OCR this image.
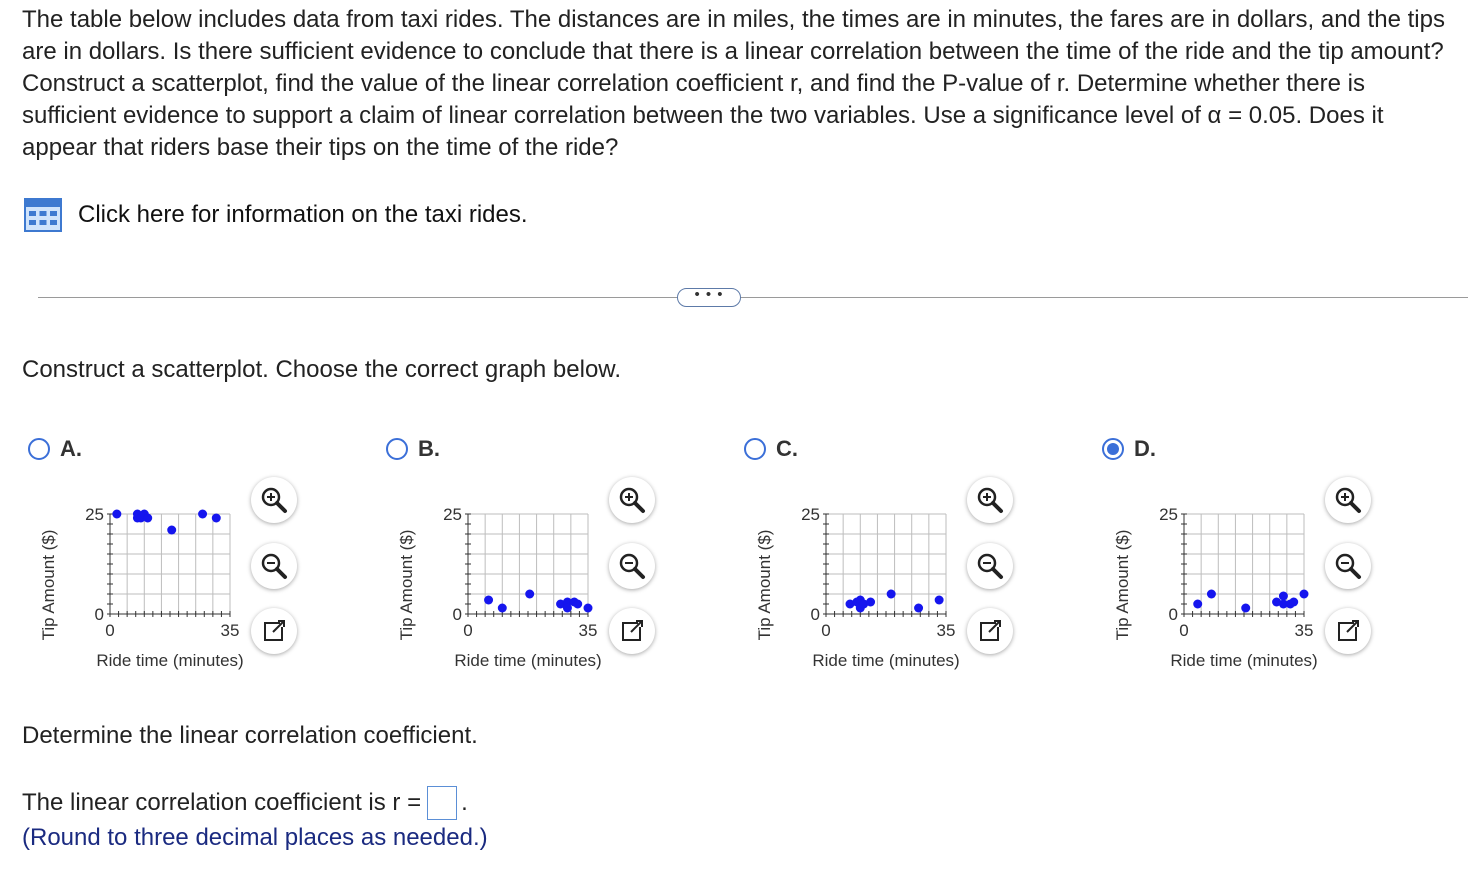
The table below includes data from taxi rides. The distances are in miles, the times are in minutes, the fares are in dollars, and the tips are in dollars. Is there sufficient evidence to conclude that there is a linear correlation between the time of the ride and the tip amount? Construct a scatterplot, find the value of the linear correlation coefficient r, and find the P-value of r. Determine whether there is sufficient evidence to support a claim of linear correlation between the two variables. Use a significance level of α = 0.05. Does it appear that riders base their tips on the time of the ride?

Click here for information on the taxi rides.
• • •
Construct a scatterplot. Choose the correct graph below.
A.
0	35
0
25
Ride time (minutes)
Tip Amount ($)
B.
0	35
0
25
Ride time (minutes)
Tip Amount ($)
C.
0	35
0
25
Ride time (minutes)
Tip Amount ($)
D.
0	35
0
25
Ride time (minutes)
Tip Amount ($)
Determine the linear correlation coefficient.
The linear correlation coefficient is r = .
(Round to three decimal places as needed.)
